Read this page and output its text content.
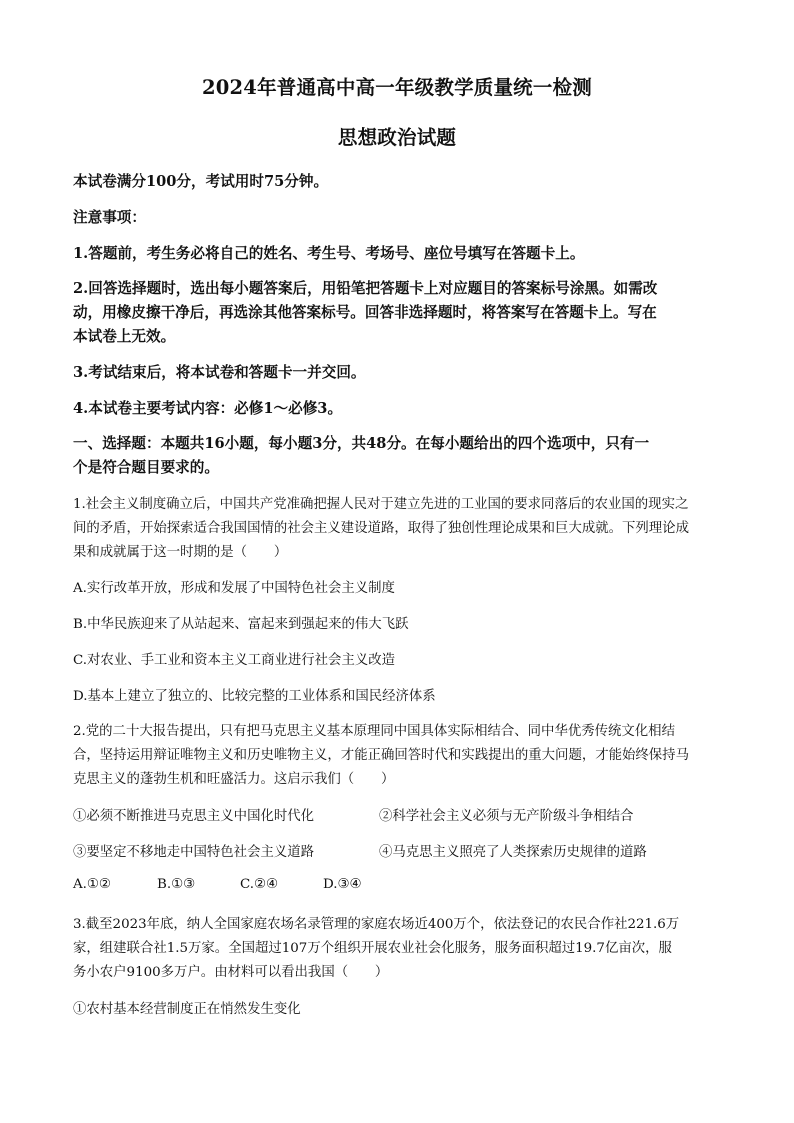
2024年普通高中高一年级教学质量统一检测
思想政治试题
本试卷满分100分，考试用时75分钟。
注意事项：
1.答题前，考生务必将自己的姓名、考生号、考场号、座位号填写在答题卡上。
2.回答选择题时，选出每小题答案后，用铅笔把答题卡上对应题目的答案标号涂黑。如需改
动，用橡皮擦干净后，再选涂其他答案标号。回答非选择题时，将答案写在答题卡上。写在
本试卷上无效。
3.考试结束后，将本试卷和答题卡一并交回。
4.本试卷主要考试内容：必修1～必修3。
一、选择题：本题共16小题，每小题3分，共48分。在每小题给出的四个选项中，只有一
个是符合题目要求的。
1.社会主义制度确立后，中国共产党准确把握人民对于建立先进的工业国的要求同落后的农业国的现实之
间的矛盾，开始探索适合我国国情的社会主义建设道路，取得了独创性理论成果和巨大成就。下列理论成
果和成就属于这一时期的是（　　）
A.实行改革开放，形成和发展了中国特色社会主义制度
B.中华民族迎来了从站起来、富起来到强起来的伟大飞跃
C.对农业、手工业和资本主义工商业进行社会主义改造
D.基本上建立了独立的、比较完整的工业体系和国民经济体系
2.党的二十大报告提出，只有把马克思主义基本原理同中国具体实际相结合、同中华优秀传统文化相结
合，坚持运用辩证唯物主义和历史唯物主义，才能正确回答时代和实践提出的重大问题，才能始终保持马
克思主义的蓬勃生机和旺盛活力。这启示我们（　　）
①必须不断推进马克思主义中国化时代化	②科学社会主义必须与无产阶级斗争相结合
③要坚定不移地走中国特色社会主义道路	④马克思主义照亮了人类探索历史规律的道路
A.①②	B.①③	C.②④	D.③④
3.截至2023年底，纳人全国家庭农场名录管理的家庭农场近400万个，依法登记的农民合作社221.6万
家，组建联合社1.5万家。全国超过107万个组织开展农业社会化服务，服务面积超过19.7亿亩次，服
务小农户9100多万户。由材料可以看出我国（　　）
①农村基本经营制度正在悄然发生变化
